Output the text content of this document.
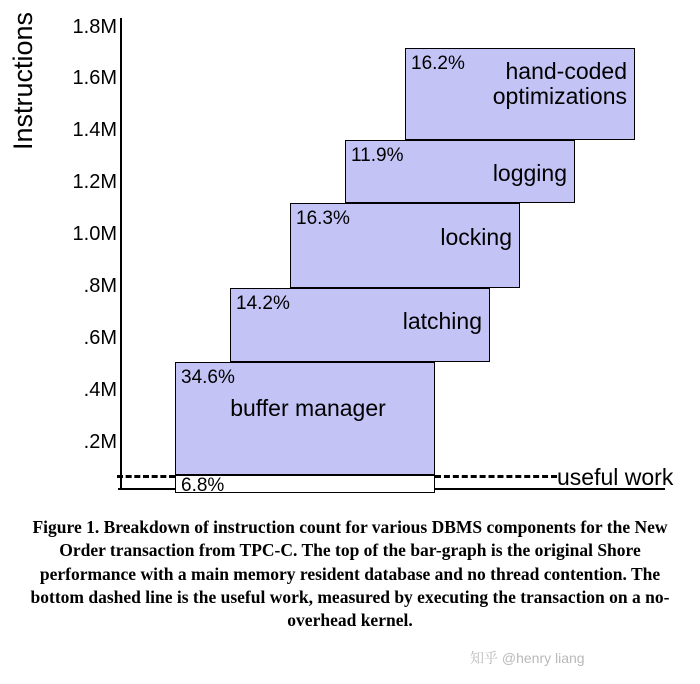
Instructions 1.8M
1.6M
1.4M
1.2M
1.0M
.8M
.6M
.4M
.2M
16.2%	hand-coded
optimizations
11.9%
logging
16.3%
locking
14.2%
latching
34.6%
buffer manager
6.8%	useful work
Figure 1. Breakdown of instruction count for various DBMS components for the New Order transaction from TPC-C. The top of the bar-graph is the original Shore performance with a main memory resident database and no thread contention. The bottom dashed line is the useful work, measured by executing the transaction on a no-overhead kernel.
知乎 @henry liang
